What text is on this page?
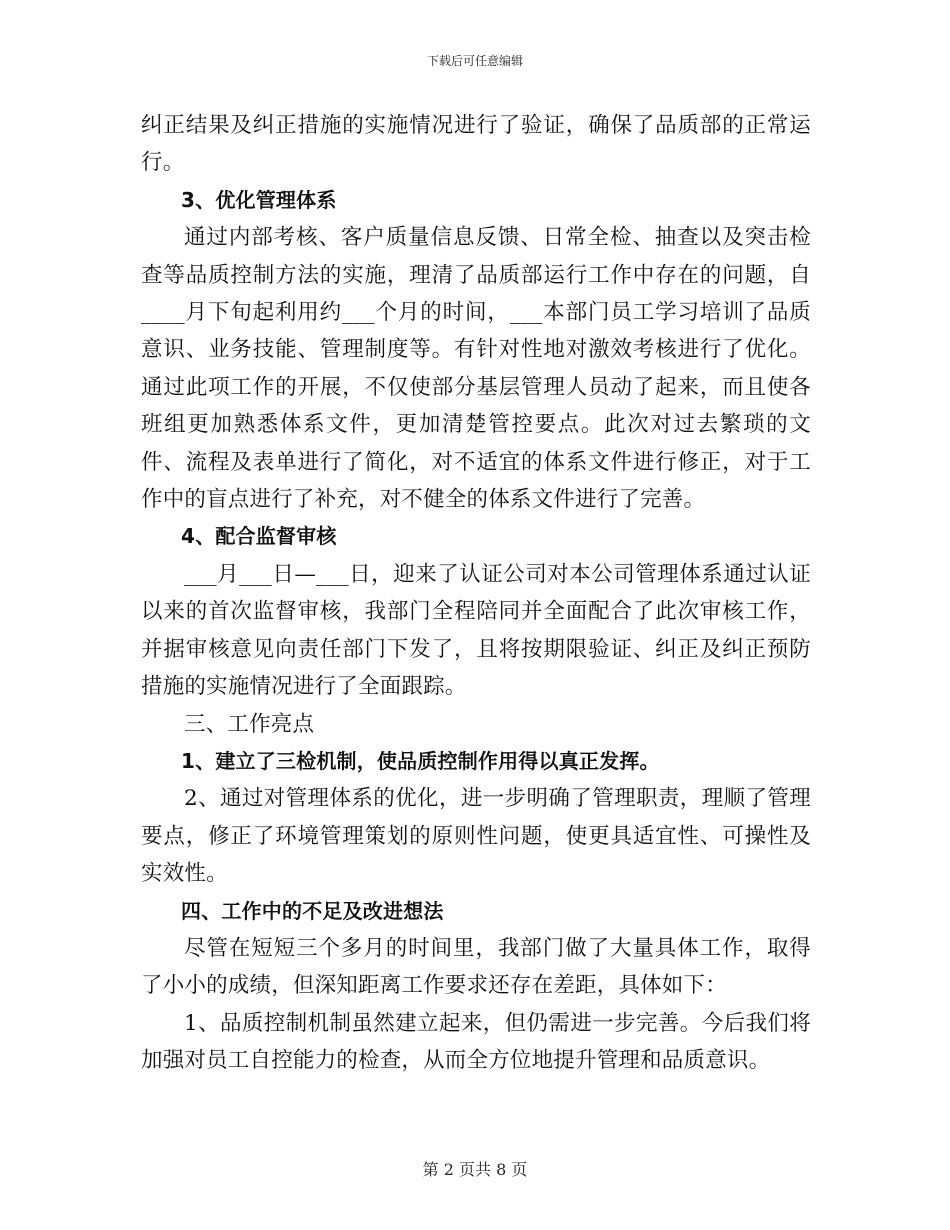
下载后可任意编辑

纠正结果及纠正措施的实施情况进行了验证，确保了品质部的正常运行。

3、优化管理体系

通过内部考核、客户质量信息反馈、日常全检、抽查以及突击检查等品质控制方法的实施，理清了品质部运行工作中存在的问题，自____月下旬起利用约___个月的时间，___本部门员工学习培训了品质意识、业务技能、管理制度等。有针对性地对激效考核进行了优化。通过此项工作的开展，不仅使部分基层管理人员动了起来，而且使各班组更加熟悉体系文件，更加清楚管控要点。此次对过去繁琐的文件、流程及表单进行了简化，对不适宜的体系文件进行修正，对于工作中的盲点进行了补充，对不健全的体系文件进行了完善。

4、配合监督审核

___月___日—___日，迎来了认证公司对本公司管理体系通过认证以来的首次监督审核，我部门全程陪同并全面配合了此次审核工作，并据审核意见向责任部门下发了，且将按期限验证、纠正及纠正预防措施的实施情况进行了全面跟踪。

三、工作亮点

1、建立了三检机制，使品质控制作用得以真正发挥。

2、通过对管理体系的优化，进一步明确了管理职责，理顺了管理要点，修正了环境管理策划的原则性问题，使更具适宜性、可操性及实效性。

四、工作中的不足及改进想法

尽管在短短三个多月的时间里，我部门做了大量具体工作，取得了小小的成绩，但深知距离工作要求还存在差距，具体如下：

1、品质控制机制虽然建立起来，但仍需进一步完善。今后我们将加强对员工自控能力的检查，从而全方位地提升管理和品质意识。

第 2 页共 8 页
